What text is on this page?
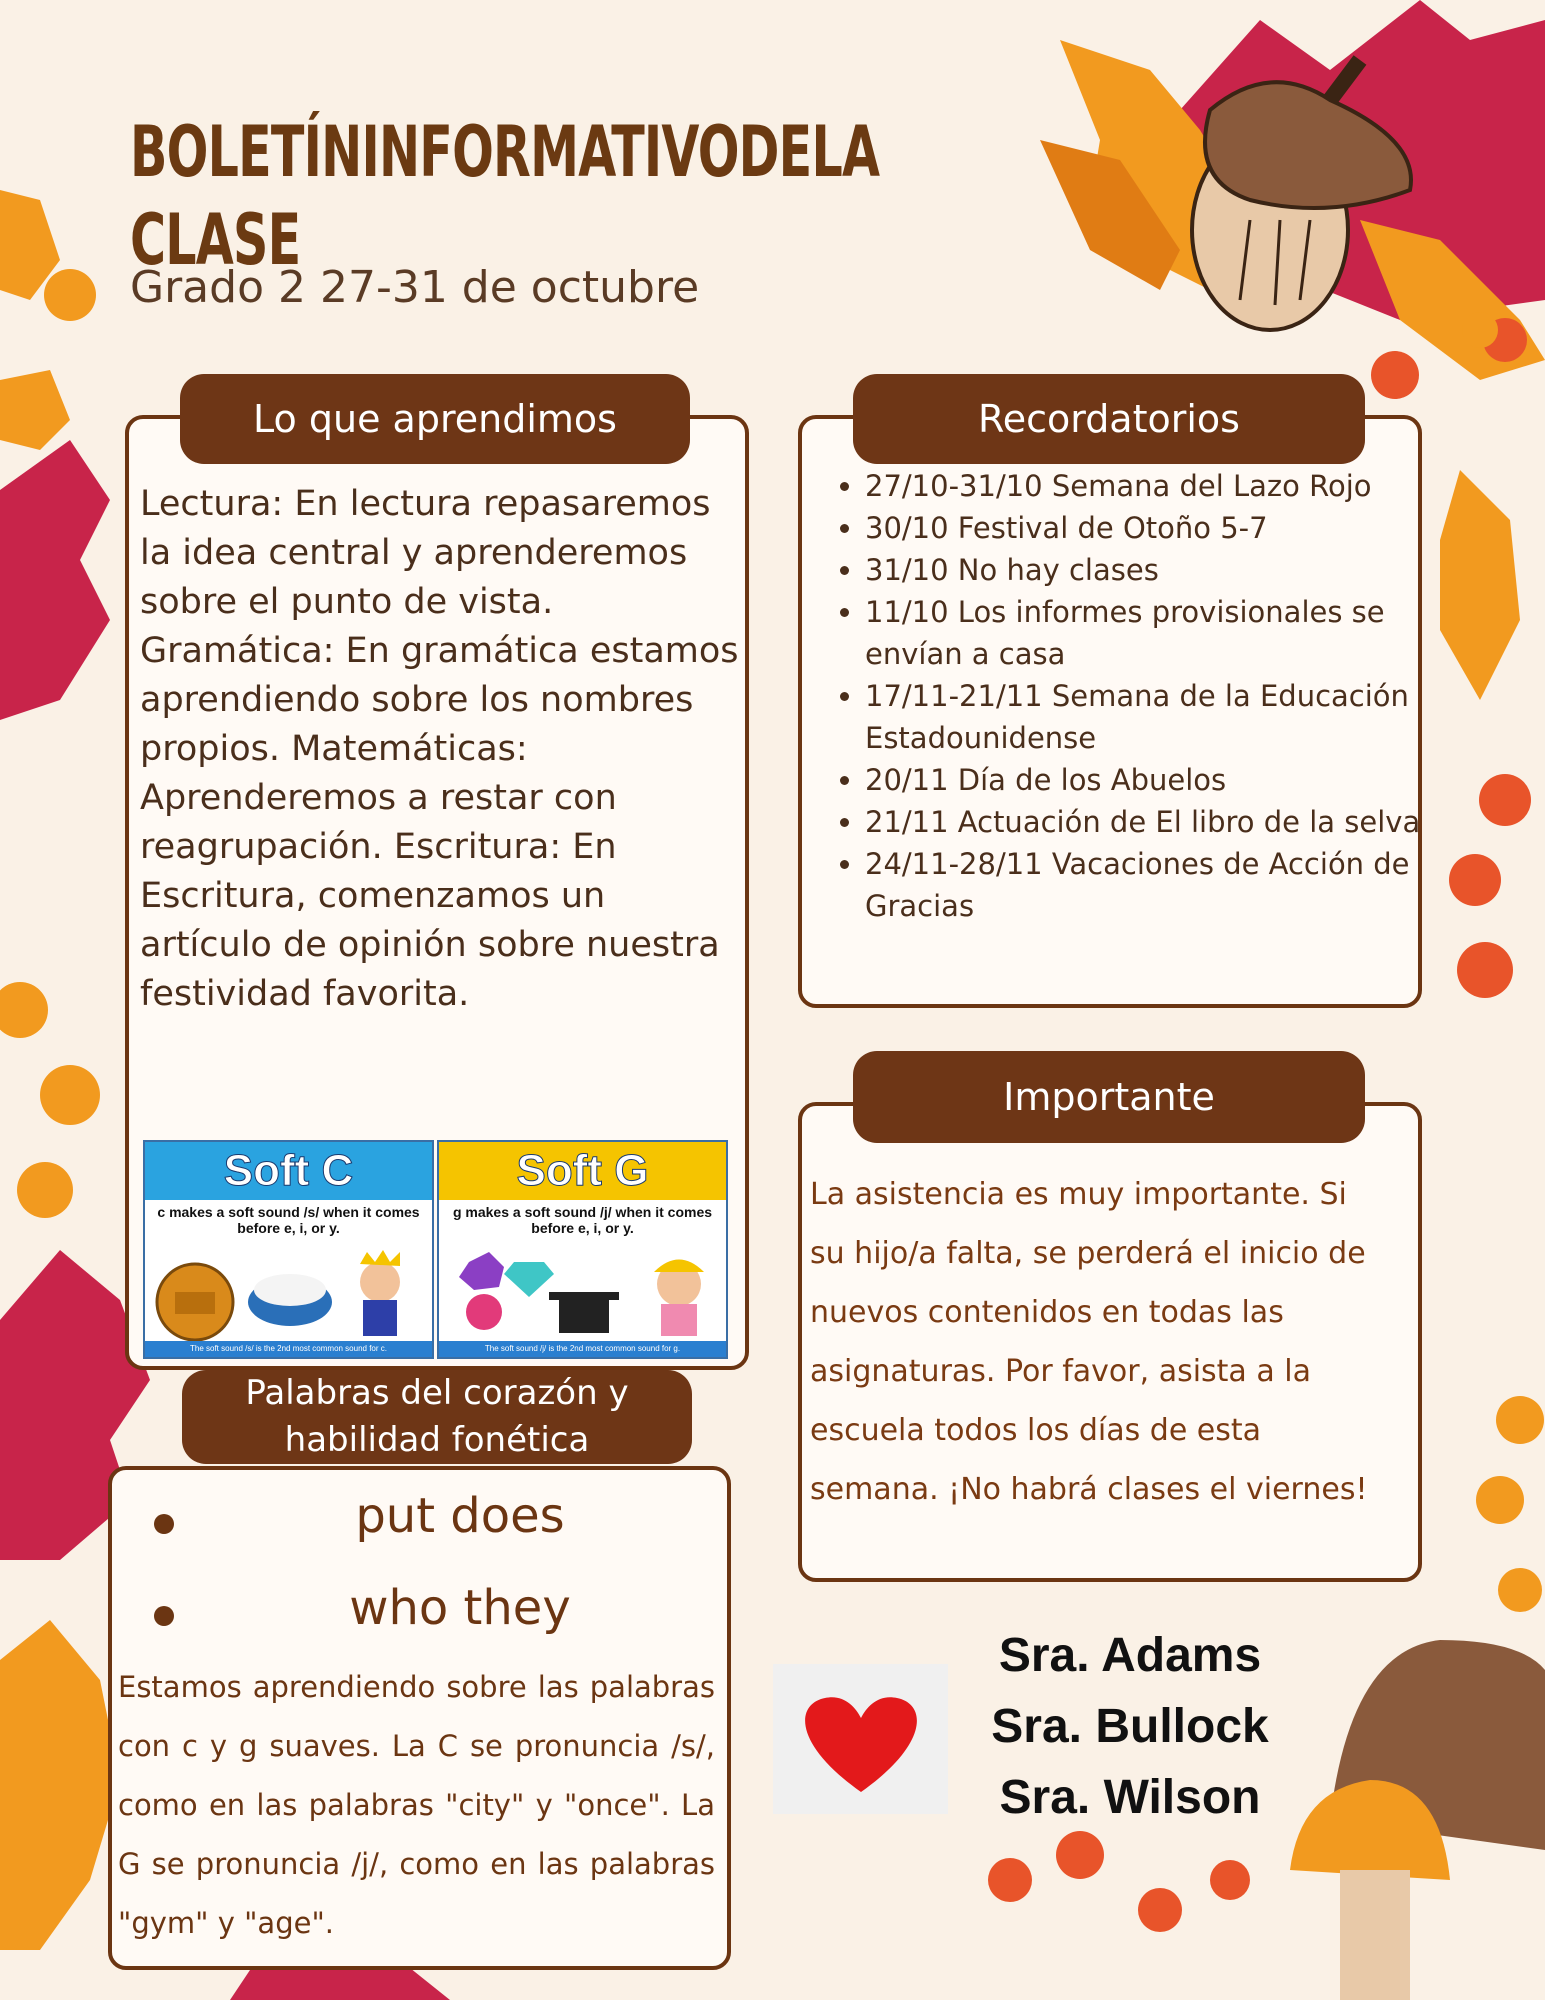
BOLETÍNINFORMATIVODELA CLASE
Grado 2 27-31 de octubre
Lo que aprendimos
Lectura: En lectura repasaremos la idea central y aprenderemos sobre el punto de vista. Gramática: En gramática estamos aprendiendo sobre los nombres propios. Matemáticas: Aprenderemos a restar con reagrupación. Escritura: En Escritura, comenzamos un artículo de opinión sobre nuestra festividad favorita.
Soft C
c makes a soft sound /s/ when it comes before e, i, or y.
The soft sound /s/ is the 2nd most common sound for c.
Soft G
g makes a soft sound /j/ when it comes before e, i, or y.
The soft sound /j/ is the 2nd most common sound for g.
Recordatorios
• 27/10-31/10 Semana del Lazo Rojo
• 30/10 Festival de Otoño 5-7
• 31/10 No hay clases
• 11/10 Los informes provisionales se envían a casa
• 17/11-21/11 Semana de la Educación Estadounidense
• 20/11 Día de los Abuelos
• 21/11 Actuación de El libro de la selva
• 24/11-28/11 Vacaciones de Acción de Gracias
Importante
La asistencia es muy importante. Si su hijo/a falta, se perderá el inicio de nuevos contenidos en todas las asignaturas. Por favor, asista a la escuela todos los días de esta semana. ¡No habrá clases el viernes!
Palabras del corazón y habilidad fonética
put does
who they
Estamos aprendiendo sobre las palabras con c y g suaves. La C se pronuncia /s/, como en las palabras "city" y "once". La G se pronuncia /j/, como en las palabras "gym" y "age".
Sra. Adams
Sra. Bullock
Sra. Wilson
